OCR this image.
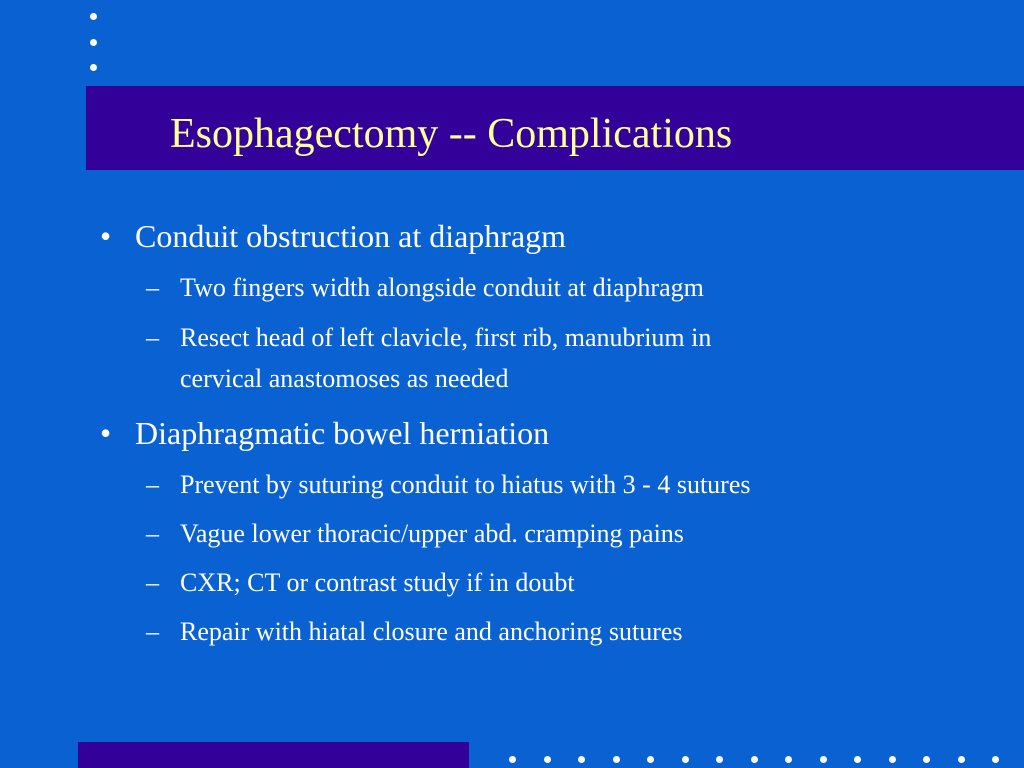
Esophagectomy -- Complications
• Conduit obstruction at diaphragm
– Two fingers width alongside conduit at diaphragm
– Resect head of left clavicle, first rib, manubrium in
cervical anastomoses as needed
• Diaphragmatic bowel herniation
– Prevent by suturing conduit to hiatus with 3 - 4 sutures
– Vague lower thoracic/upper abd. cramping pains
– CXR; CT or contrast study if in doubt
– Repair with hiatal closure and anchoring sutures
